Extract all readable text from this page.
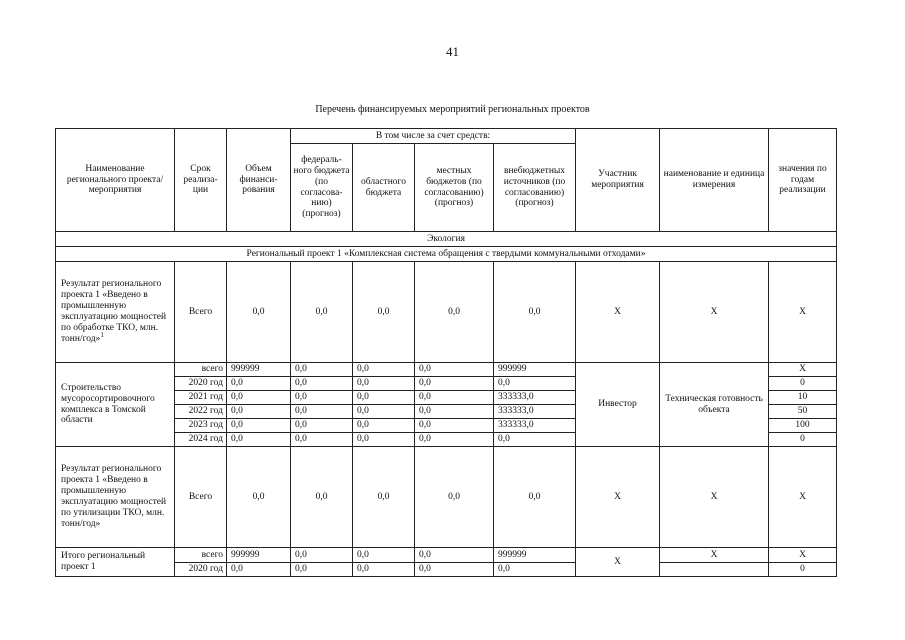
41
Перечень финансируемых мероприятий региональных проектов
Наименование регионального проекта/ мероприятия	Срок реализа-ции	Объем финанси-рования	В том числе за счет средств:				Участник мероприятия	наименование и единица измерения	значения по годам реализации
			федераль-ного бюджета (по согласова-нию) (прогноз)	областного бюджета	местных бюджетов (по согласованию) (прогноз)	внебюджетных источников (по согласованию) (прогноз)			
Экология									
Региональный проект 1 «Комплексная система обращения с твердыми коммунальными отходами»									
Результат регионального проекта 1 «Введено в промышленную эксплуатацию мощностей по обработке ТКО, млн. тонн/год»$^1$	Всего	0,0	0,0	0,0	0,0	0,0	Х	Х	Х
Строительство мусоросортировочного комплекса в Томской области	всего	999999	0,0	0,0	0,0	999999	Инвестор	Техническая готовность объекта	Х
	2020 год	0,0	0,0	0,0	0,0	0,0			0
	2021 год	0,0	0,0	0,0	0,0	333333,0			10
	2022 год	0,0	0,0	0,0	0,0	333333,0			50
	2023 год	0,0	0,0	0,0	0,0	333333,0			100
	2024 год	0,0	0,0	0,0	0,0	0,0			0
Результат регионального проекта 1 «Введено в промышленную эксплуатацию мощностей по утилизации ТКО, млн. тонн/год»	Всего	0,0	0,0	0,0	0,0	0,0	Х	Х	Х
Итого региональный проект 1	всего	999999	0,0	0,0	0,0	999999	Х	Х	Х
	2020 год	0,0	0,0	0,0	0,0	0,0			0
